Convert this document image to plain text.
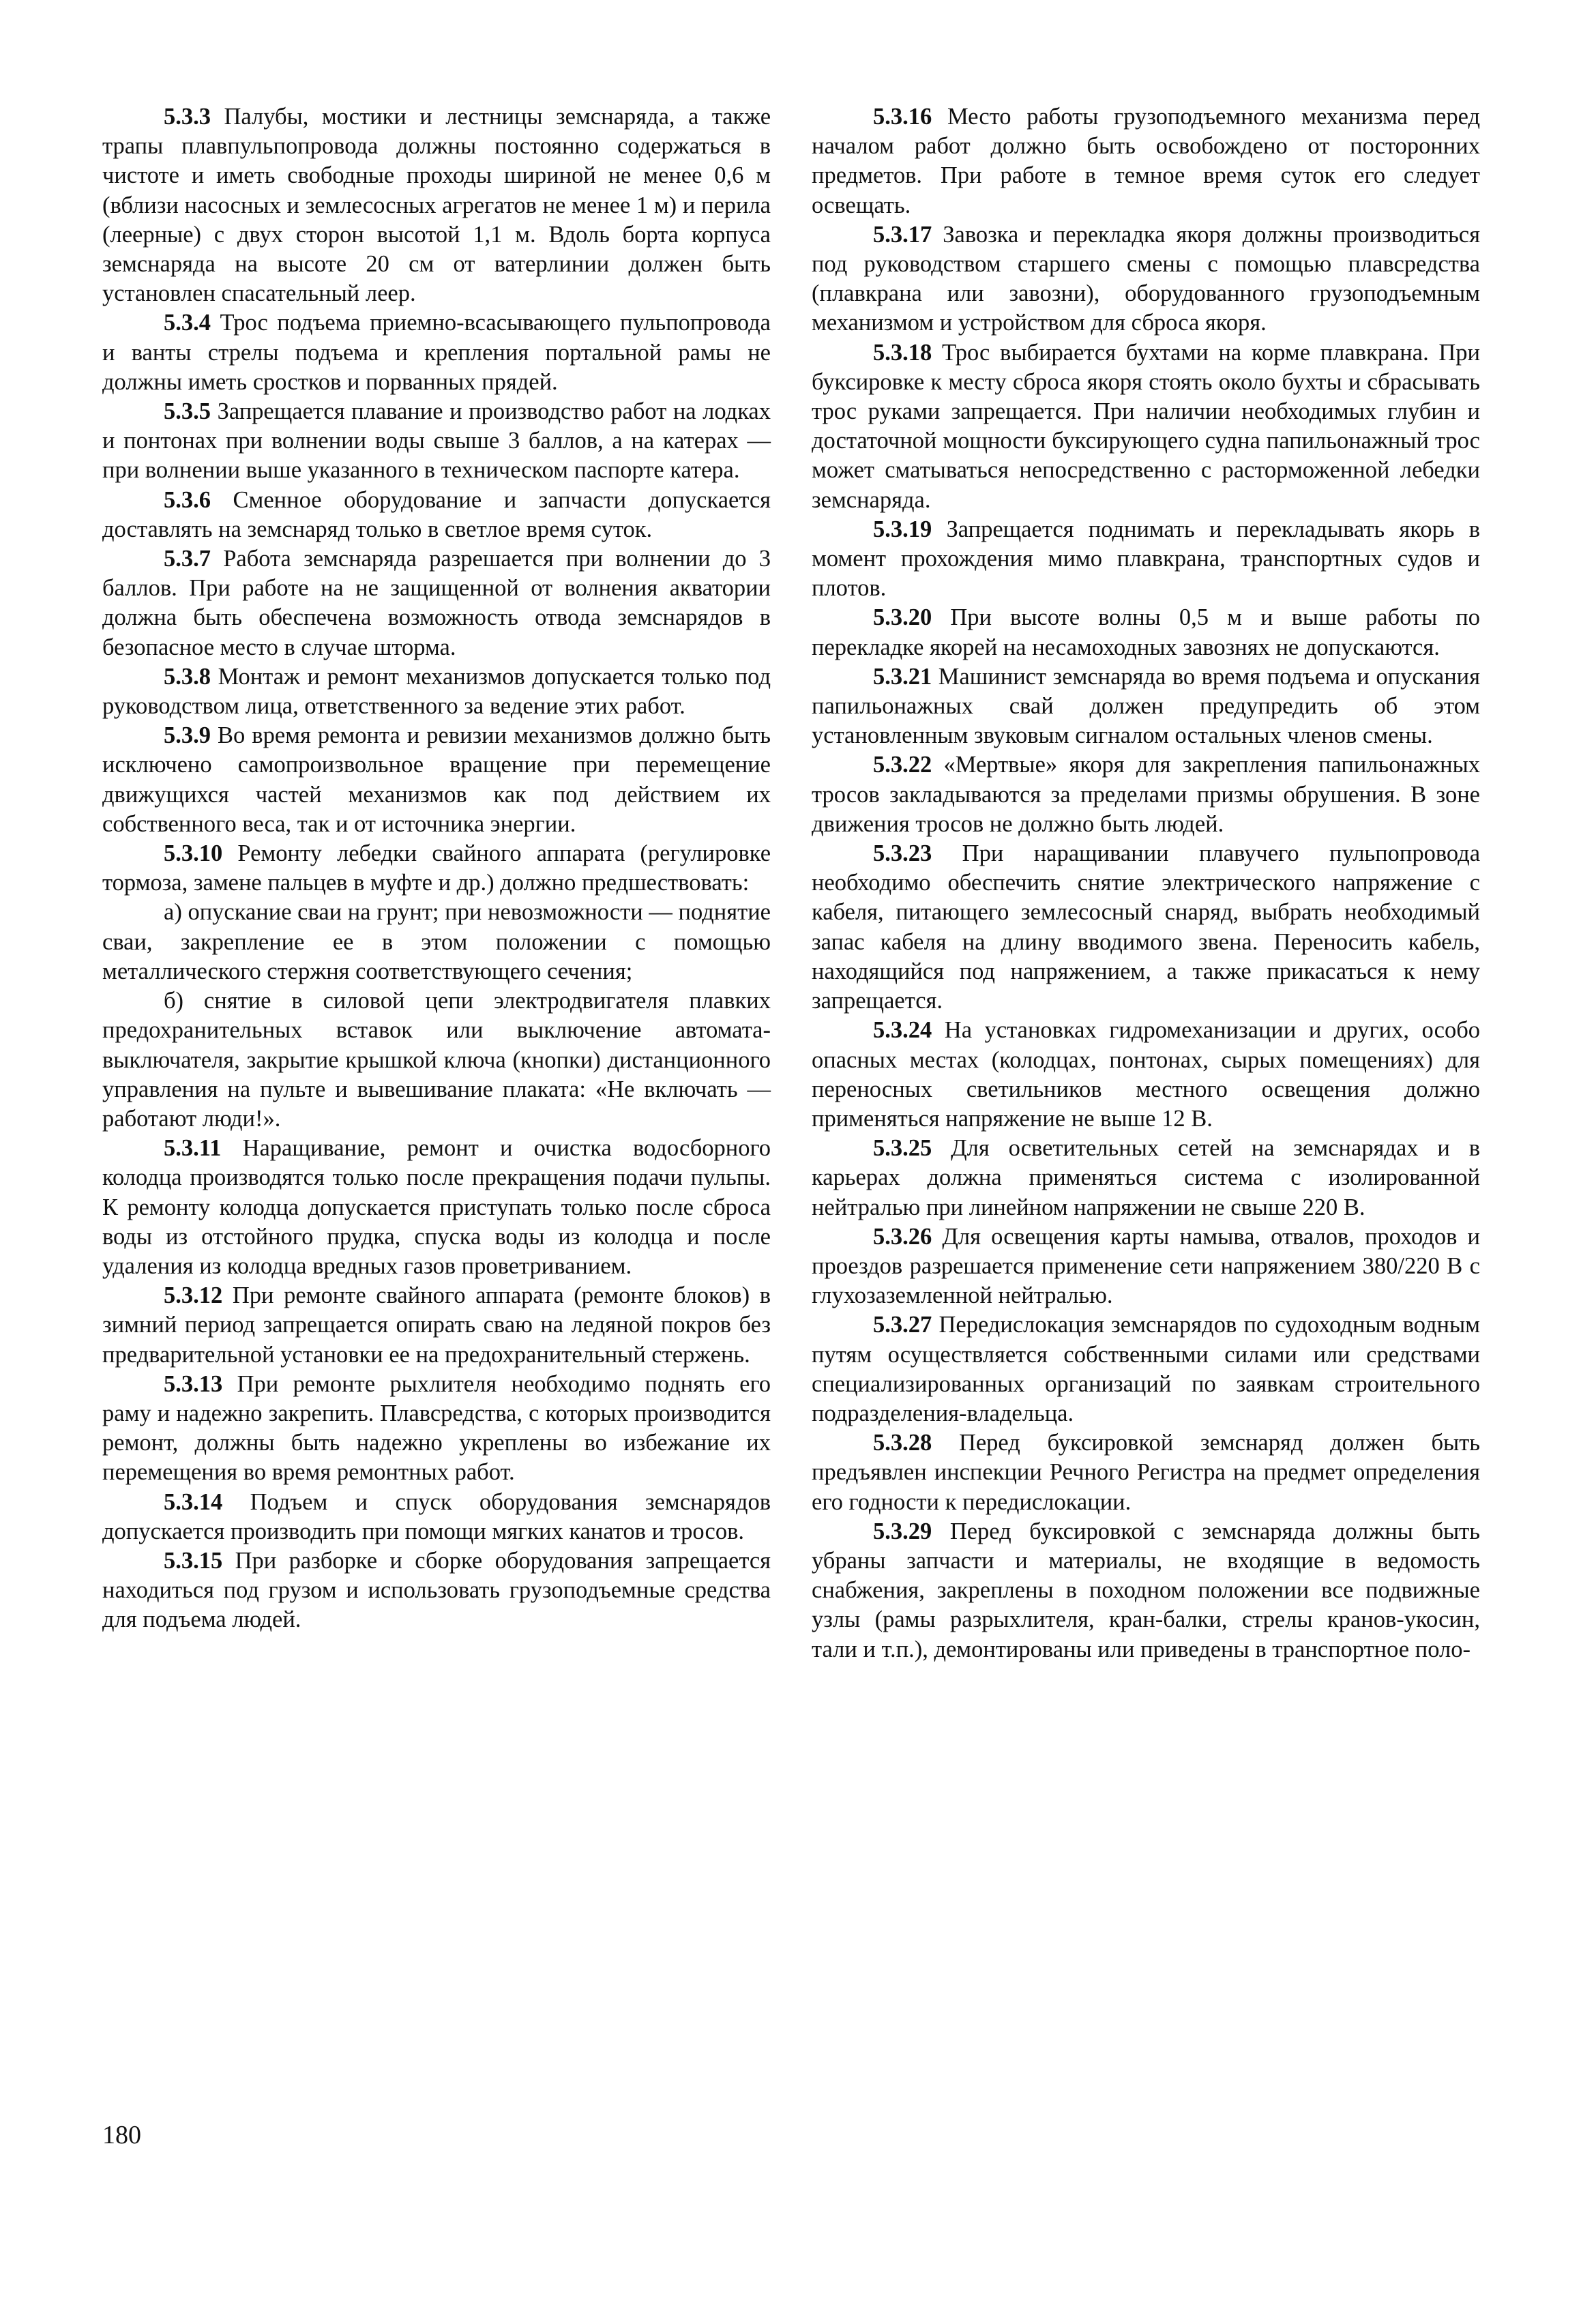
5.3.3 Палубы, мостики и лестницы земснаряда, а также трапы плавпульпопровода должны постоянно содержаться в чистоте и иметь свободные проходы шириной не менее 0,6 м (вблизи насосных и землесосных агрегатов не менее 1 м) и перила (леерные) с двух сторон высотой 1,1 м. Вдоль борта корпуса земснаряда на высоте 20 см от ватерлинии должен быть установлен спасательный леер.

5.3.4 Трос подъема приемно-всасывающего пульпопровода и ванты стрелы подъема и крепления портальной рамы не должны иметь сростков и порванных прядей.

5.3.5 Запрещается плавание и производство работ на лодках и понтонах при волнении воды свыше 3 баллов, а на катерах — при волнении выше указанного в техническом паспорте катера.

5.3.6 Сменное оборудование и запчасти допускается доставлять на земснаряд только в светлое время суток.

5.3.7 Работа земснаряда разрешается при волнении до 3 баллов. При работе на не защищенной от волнения акватории должна быть обеспечена возможность отвода земснарядов в безопасное место в случае шторма.

5.3.8 Монтаж и ремонт механизмов допускается только под руководством лица, ответственного за ведение этих работ.

5.3.9 Во время ремонта и ревизии механизмов должно быть исключено самопроизвольное вращение при перемещение движущихся частей механизмов как под действием их собственного веса, так и от источника энергии.

5.3.10 Ремонту лебедки свайного аппарата (регулировке тормоза, замене пальцев в муфте и др.) должно предшествовать:

а) опускание сваи на грунт; при невозможности — поднятие сваи, закрепление ее в этом положении с помощью металлического стержня соответствующего сечения;

б) снятие в силовой цепи электродвигателя плавких предохранительных вставок или выключение автомата-выключателя, закрытие крышкой ключа (кнопки) дистанционного управления на пульте и вывешивание плаката: «Не включать — работают люди!».

5.3.11 Наращивание, ремонт и очистка водосборного колодца производятся только после прекращения подачи пульпы. К ремонту колодца допускается приступать только после сброса воды из отстойного прудка, спуска воды из колодца и после удаления из колодца вредных газов проветриванием.

5.3.12 При ремонте свайного аппарата (ремонте блоков) в зимний период запрещается опирать сваю на ледяной покров без предварительной установки ее на предохранительный стержень.

5.3.13 При ремонте рыхлителя необходимо поднять его раму и надежно закрепить. Плавсредства, с которых производится ремонт, должны быть надежно укреплены во избежание их перемещения во время ремонтных работ.

5.3.14 Подъем и спуск оборудования земснарядов допускается производить при помощи мягких канатов и тросов.

5.3.15 При разборке и сборке оборудования запрещается находиться под грузом и использовать грузоподъемные средства для подъема людей.

5.3.16 Место работы грузоподъемного механизма перед началом работ должно быть освобождено от посторонних предметов. При работе в темное время суток его следует освещать.

5.3.17 Завозка и перекладка якоря должны производиться под руководством старшего смены с помощью плавсредства (плавкрана или завозни), оборудованного грузоподъемным механизмом и устройством для сброса якоря.

5.3.18 Трос выбирается бухтами на корме плавкрана. При буксировке к месту сброса якоря стоять около бухты и сбрасывать трос руками запрещается. При наличии необходимых глубин и достаточной мощности буксирующего судна папильонажный трос может сматываться непосредственно с расторможенной лебедки земснаряда.

5.3.19 Запрещается поднимать и перекладывать якорь в момент прохождения мимо плавкрана, транспортных судов и плотов.

5.3.20 При высоте волны 0,5 м и выше работы по перекладке якорей на несамоходных завознях не допускаются.

5.3.21 Машинист земснаряда во время подъема и опускания папильонажных свай должен предупредить об этом установленным звуковым сигналом остальных членов смены.

5.3.22 «Мертвые» якоря для закрепления папильонажных тросов закладываются за пределами призмы обрушения. В зоне движения тросов не должно быть людей.

5.3.23 При наращивании плавучего пульпопровода необходимо обеспечить снятие электрического напряжение с кабеля, питающего землесосный снаряд, выбрать необходимый запас кабеля на длину вводимого звена. Переносить кабель, находящийся под напряжением, а также прикасаться к нему запрещается.

5.3.24 На установках гидромеханизации и других, особо опасных местах (колодцах, понтонах, сырых помещениях) для переносных светильников местного освещения должно применяться напряжение не выше 12 В.

5.3.25 Для осветительных сетей на земснарядах и в карьерах должна применяться система с изолированной нейтралью при линейном напряжении не свыше 220 В.

5.3.26 Для освещения карты намыва, отвалов, проходов и проездов разрешается применение сети напряжением 380/220 В с глухозаземленной нейтралью.

5.3.27 Передислокация земснарядов по судоходным водным путям осуществляется собственными силами или средствами специализированных организаций по заявкам строительного подразделения-владельца.

5.3.28 Перед буксировкой земснаряд должен быть предъявлен инспекции Речного Регистра на предмет определения его годности к передислокации.

5.3.29 Перед буксировкой с земснаряда должны быть убраны запчасти и материалы, не входящие в ведомость снабжения, закреплены в походном положении все подвижные узлы (рамы разрыхлителя, кран-балки, стрелы кранов-укосин, тали и т.п.), демонтированы или приведены в транспортное поло-

180
